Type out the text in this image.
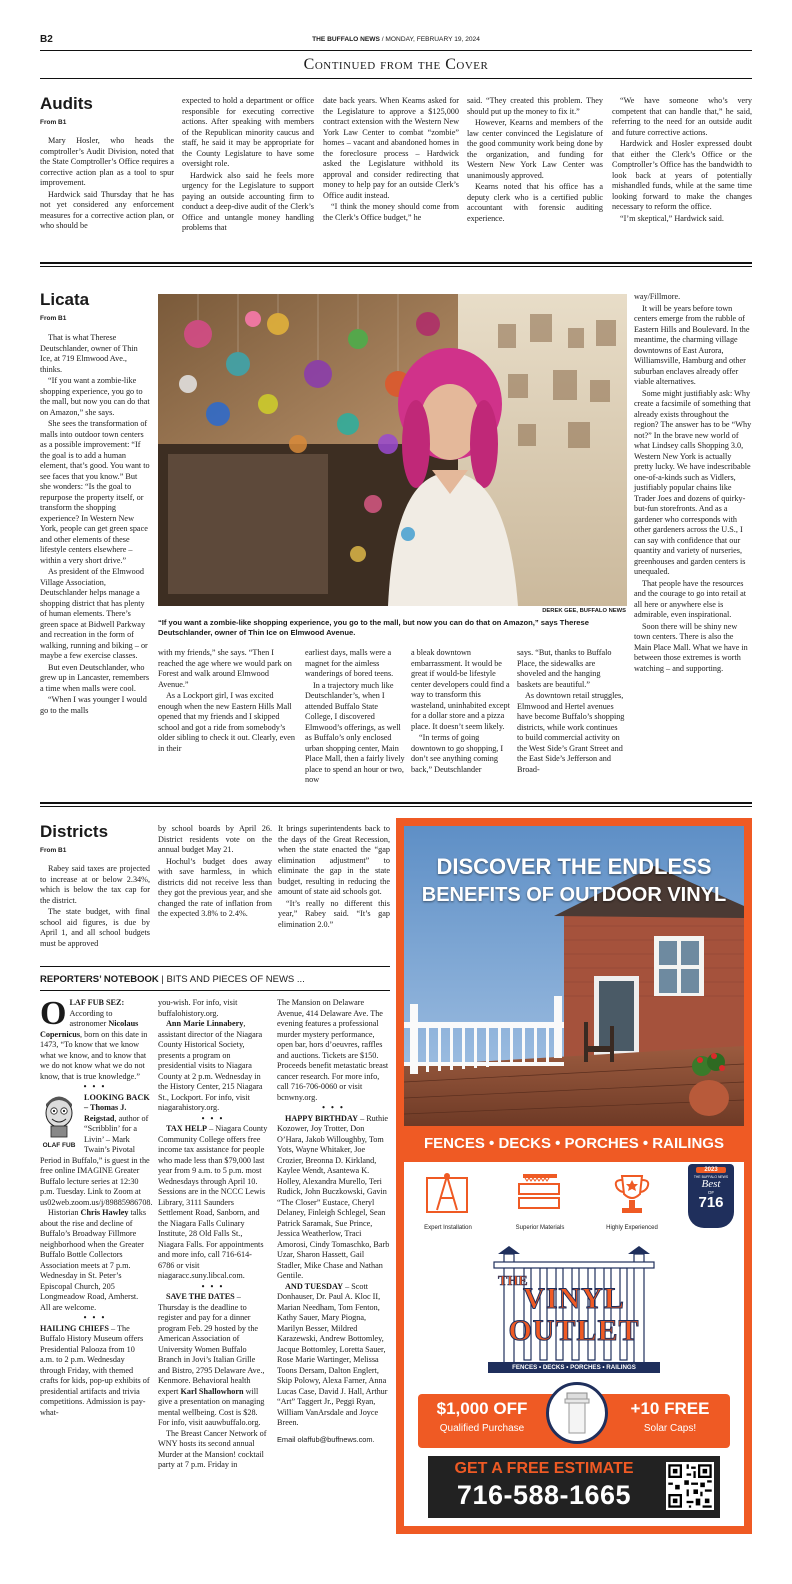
B2	THE BUFFALO NEWS / MONDAY, FEBRUARY 19, 2024
Continued from the Cover
Audits
From B1

Mary Hosler, who heads the comptroller’s Audit Division, noted that the State Comptroller’s Office requires a corrective action plan as a tool to spur improvement.

Hardwick said Thursday that he has not yet considered any enforcement measures for a corrective action plan, or who should be

expected to hold a department or office responsible for executing corrective actions. After speaking with members of the Republican minority caucus and staff, he said it may be appropriate for the County Legislature to have some oversight role.

Hardwick also said he feels more urgency for the Legislature to support paying an outside accounting firm to conduct a deep-dive audit of the Clerk’s Office and untangle money handling problems that

date back years. When Kearns asked for the Legislature to approve a $125,000 contract extension with the Western New York Law Center to combat “zombie” homes – vacant and abandoned homes in the foreclosure process – Hardwick asked the Legislature withhold its approval and consider redirecting that money to help pay for an outside Clerk’s Office audit instead.

“I think the money should come from the Clerk’s Office budget,” he

said. “They created this problem. They should put up the money to fix it.”

However, Kearns and members of the law center convinced the Legislature of the good community work being done by the organization, and funding for Western New York Law Center was unanimously approved.

Kearns noted that his office has a deputy clerk who is a certified public accountant with forensic auditing experience.

“We have someone who’s very competent that can handle that,” he said, referring to the need for an outside audit and future corrective actions.

Hardwick and Hosler expressed doubt that either the Clerk’s Office or the Comptroller’s Office has the bandwidth to look back at years of potentially mishandled funds, while at the same time looking forward to make the changes necessary to reform the office.

“I’m skeptical,” Hardwick said.

Licata
From B1
DEREK GEE, BUFFALO NEWS
“If you want a zombie-like shopping experience, you go to the mall, but now you can do that on Amazon,” says Therese Deutschlander, owner of Thin Ice on Elmwood Avenue.

That is what Therese Deutschlander, owner of Thin Ice, at 719 Elmwood Ave., thinks.

“If you want a zombie-like shopping experience, you go to the mall, but now you can do that on Amazon,” she says.

She sees the transformation of malls into outdoor town centers as a possible improvement: “If the goal is to add a human element, that’s good. You want to see faces that you know.” But she wonders: “Is the goal to repurpose the property itself, or transform the shopping experience? In Western New York, people can get green space and other elements of these lifestyle centers elsewhere – within a very short drive.”

As president of the Elmwood Village Association, Deutschlander helps manage a shopping district that has plenty of human elements. There’s green space at Bidwell Parkway and recreation in the form of walking, running and biking – or maybe a few exercise classes.

But even Deutschlander, who grew up in Lancaster, remembers a time when malls were cool.

“When I was younger I would go to the malls

with my friends,” she says. “Then I reached the age where we would park on Forest and walk around Elmwood Avenue.”

As a Lockport girl, I was excited enough when the new Eastern Hills Mall opened that my friends and I skipped school and got a ride from somebody’s older sibling to check it out. Clearly, even in their

earliest days, malls were a magnet for the aimless wanderings of bored teens.

In a trajectory much like Deutschlander’s, when I attended Buffalo State College, I discovered Elmwood’s offerings, as well as Buffalo’s only enclosed urban shopping center, Main Place Mall, then a fairly lively place to spend an hour or two, now

a bleak downtown embarrassment. It would be great if would-be lifestyle center developers could find a way to transform this wasteland, uninhabited except for a dollar store and a pizza place. It doesn’t seem likely.

“In terms of going downtown to go shopping, I don’t see anything coming back,” Deutschlander

says. “But, thanks to Buffalo Place, the sidewalks are shoveled and the hanging baskets are beautiful.”

As downtown retail struggles, Elmwood and Hertel avenues have become Buffalo’s shopping districts, while work continues to build commercial activity on the West Side’s Grant Street and the East Side’s Jefferson and Broad-

way/Fillmore.

It will be years before town centers emerge from the rubble of Eastern Hills and Boulevard. In the meantime, the charming village downtowns of East Aurora, Williamsville, Hamburg and other suburban enclaves already offer viable alternatives.

Some might justifiably ask: Why create a facsimile of something that already exists throughout the region? The answer has to be “Why not?” In the brave new world of what Lindsey calls Shopping 3.0, Western New York is actually pretty lucky. We have indescribable one-of-a-kinds such as Vidlers, justifiably popular chains like Trader Joes and dozens of quirky-but-fun storefronts. And as a gardener who corresponds with other gardeners across the U.S., I can say with confidence that our quantity and variety of nurseries, greenhouses and garden centers is unequaled.

That people have the resources and the courage to go into retail at all here or anywhere else is admirable, even inspirational.

Soon there will be shiny new town centers. There is also the Main Place Mall. What we have in between those extremes is worth watching – and supporting.

Districts
From B1

Rabey said taxes are projected to increase at or below 2.34%, which is below the tax cap for the district.

The state budget, with final school aid figures, is due by April 1, and all school budgets must be approved

by school boards by April 26. District residents vote on the annual budget May 21.

Hochul’s budget does away with save harmless, in which districts did not receive less than they got the previous year, and she changed the rate of inflation from the expected 3.8% to 2.4%.

It brings superintendents back to the days of the Great Recession, when the state enacted the “gap elimination adjustment” to eliminate the gap in the state budget, resulting in reducing the amount of state aid schools got.

“It’s really no different this year,” Rabey said. “It’s gap elimination 2.0.”

REPORTERS’ NOTEBOOK | BITS AND PIECES OF NEWS ...
O LAF FUB SEZ: According to astronomer Nicolaus Copernicus, born on this date in 1473, “To know that we know what we know, and to know that we do not know what we do not know, that is true knowledge.”
• • •
OLAF FUB
LOOKING BACK – Thomas J. Reigstad, author of “Scribblin’ for a Livin’ – Mark Twain’s Pivotal Period in Buffalo,” is guest in the free online IMAGINE Greater Buffalo lecture series at 12:30 p.m. Tuesday. Link to Zoom at us02web.zoom.us/j/89885986708.
Historian Chris Hawley talks about the rise and decline of Buffalo’s Broadway Fillmore neighborhood when the Greater Buffalo Bottle Collectors Association meets at 7 p.m. Wednesday in St. Peter’s Episcopal Church, 205 Longmeadow Road, Amherst. All are welcome.
• • •
HAILING CHIEFS – The Buffalo History Museum offers Presidential Palooza from 10 a.m. to 2 p.m. Wednesday through Friday, with themed crafts for kids, pop-up exhibits of presidential artifacts and trivia competitions. Admission is pay-what-
you-wish. For info, visit buffalohistory.org.
Ann Marie Linnabery, assistant director of the Niagara County Historical Society, presents a program on presidential visits to Niagara County at 2 p.m. Wednesday in the History Center, 215 Niagara St., Lockport. For info, visit niagarahistory.org.
• • •
TAX HELP – Niagara County Community College offers free income tax assistance for people who made less than $79,000 last year from 9 a.m. to 5 p.m. most Wednesdays through April 10. Sessions are in the NCCC Lewis Library, 3111 Saunders Settlement Road, Sanborn, and the Niagara Falls Culinary Institute, 28 Old Falls St., Niagara Falls. For appointments and more info, call 716-614-6786 or visit niagaracc.suny.libcal.com.
• • •
SAVE THE DATES – Thursday is the deadline to register and pay for a dinner program Feb. 29 hosted by the American Association of University Women Buffalo Branch in Jovi’s Italian Grille and Bistro, 2795 Delaware Ave., Kenmore. Behavioral health expert Karl Shallowhorn will give a presentation on managing mental wellbeing. Cost is $28. For info, visit aauwbuffalo.org.
The Breast Cancer Network of WNY hosts its second annual Murder at the Mansion! cocktail party at 7 p.m. Friday in
The Mansion on Delaware Avenue, 414 Delaware Ave. The evening features a professional murder mystery performance, open bar, hors d’oeuvres, raffles and auctions. Tickets are $150. Proceeds benefit metastatic breast cancer research. For more info, call 716-706-0060 or visit bcnwny.org.
• • •
HAPPY BIRTHDAY – Ruthie Kozower, Joy Trotter, Don O’Hara, Jakob Willoughby, Tom Yots, Wayne Whitaker, Joe Crozier, Breonna D. Kirkland, Kaylee Wendt, Asantewa K. Holley, Alexandra Murello, Teri Rudick, John Buczkowski, Gavin “The Closer” Eustace, Cheryl Delaney, Finleigh Schlegel, Sean Patrick Saramak, Sue Prince, Jessica Weatherlow, Traci Amorosi, Cindy Tomaschko, Barb Uzar, Sharon Hassett, Gail Stadler, Mike Chase and Nathan Gentile.
AND TUESDAY – Scott Donhauser, Dr. Paul A. Kloc II, Marian Needham, Tom Fenton, Kathy Sauer, Mary Piogna, Marilyn Besser, Mildred Karazewski, Andrew Bottomley, Jacque Bottomley, Loretta Sauer, Rose Marie Wartinger, Melissa Toons Dersam, Dalton Englert, Skip Polowy, Alexa Farner, Anna Lucas Case, David J. Hall, Arthur “Art” Taggert Jr., Peggi Ryan, William VanArsdale and Joyce Breen.
Email olaffub@buffnews.com.
DISCOVER THE ENDLESS
BENEFITS OF OUTDOOR VINYL
FENCES • DECKS • PORCHES • RAILINGS
Expert Installation	Superior Materials	Highly Experienced
2023
THE BUFFALO NEWS
Best
OF
716
THE
VINYL
OUTLET
FENCES • DECKS • PORCHES • RAILINGS
$1,000 OFF
Qualified Purchase
+10 FREE
Solar Caps!
GET A FREE ESTIMATE
716-588-1665
